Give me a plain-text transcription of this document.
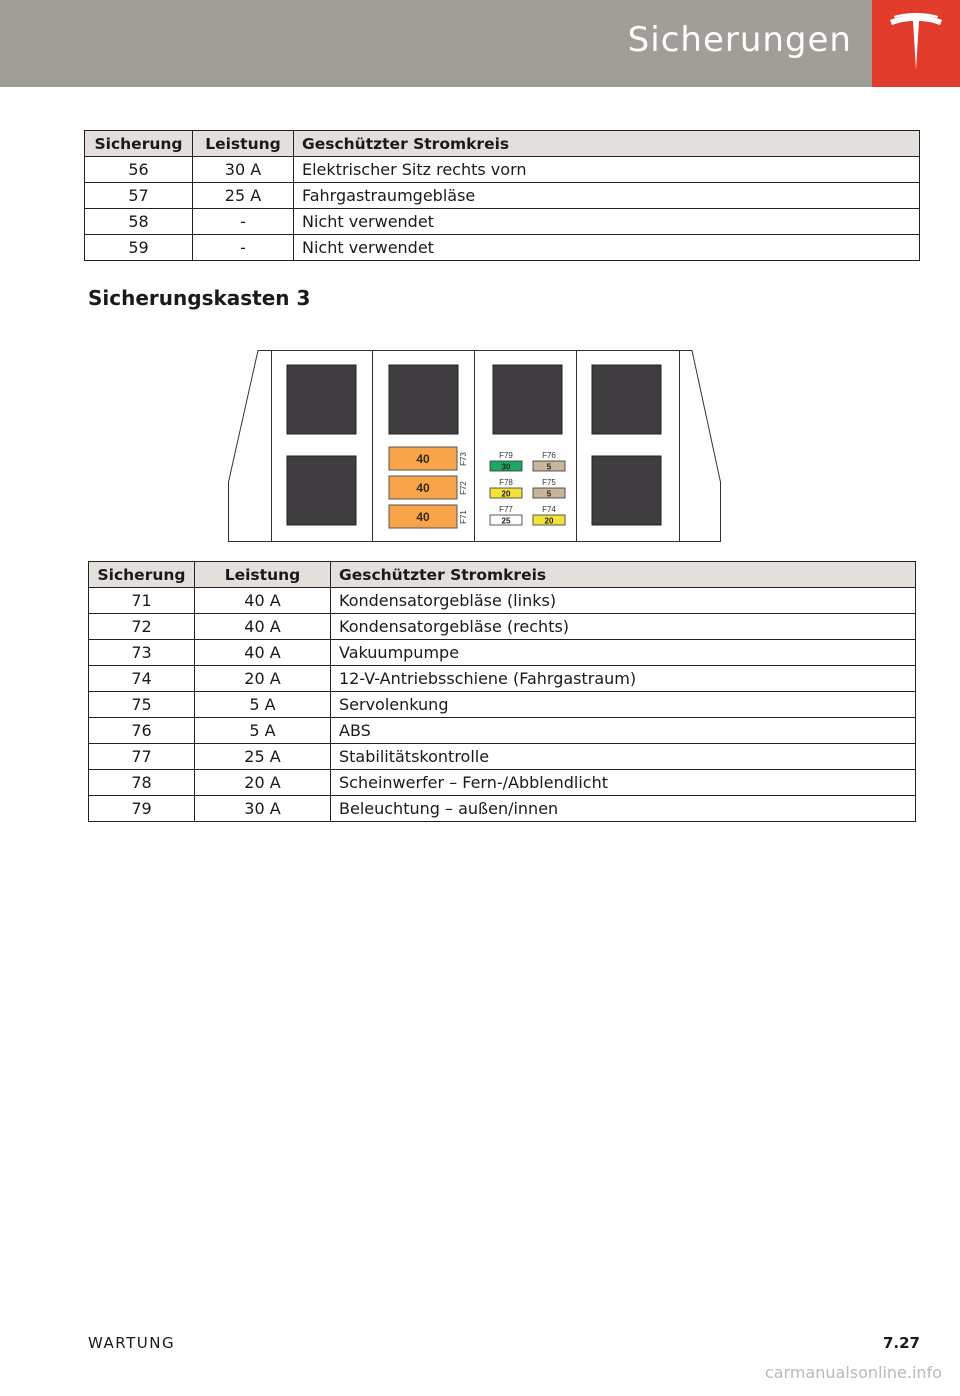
Sicherungen
Sicherung	Leistung	Geschützter Stromkreis
56	30 A	Elektrischer Sitz rechts vorn
57	25 A	Fahrgastraumgebläse
58	-	Nicht verwendet
59	-	Nicht verwendet
Sicherungskasten 3
40	F73
40	F72
40	F71
F79
30
F76
5
F78
20
F75
5
F77
25
F74
20
Sicherung	Leistung	Geschützter Stromkreis
71	40 A	Kondensatorgebläse (links)
72	40 A	Kondensatorgebläse (rechts)
73	40 A	Vakuumpumpe
74	20 A	12-V-Antriebsschiene (Fahrgastraum)
75	5 A	Servolenkung
76	5 A	ABS
77	25 A	Stabilitätskontrolle
78	20 A	Scheinwerfer – Fern-/Abblendlicht
79	30 A	Beleuchtung – außen/innen
WARTUNG	7.27
carmanualsonline.info
